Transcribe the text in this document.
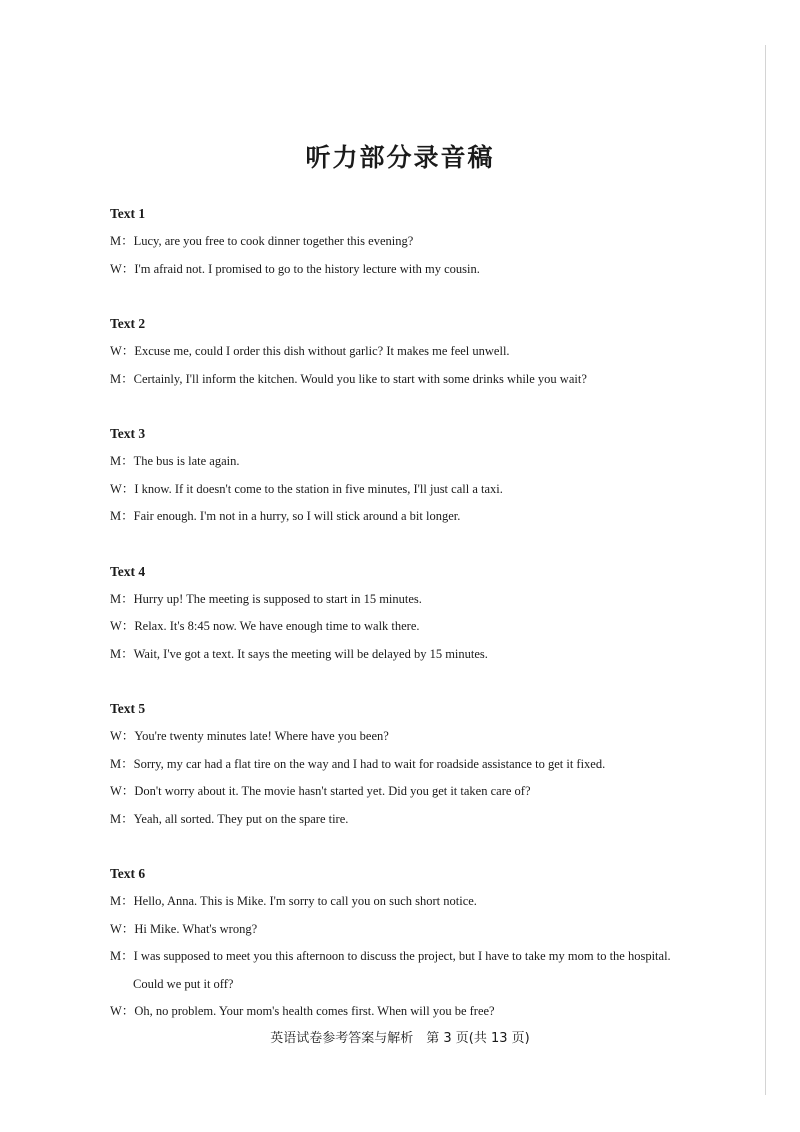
听力部分录音稿
Text 1
M：Lucy, are you free to cook dinner together this evening?
W：I'm afraid not. I promised to go to the history lecture with my cousin.
Text 2
W：Excuse me, could I order this dish without garlic? It makes me feel unwell.
M：Certainly, I'll inform the kitchen. Would you like to start with some drinks while you wait?
Text 3
M：The bus is late again.
W：I know. If it doesn't come to the station in five minutes, I'll just call a taxi.
M：Fair enough. I'm not in a hurry, so I will stick around a bit longer.
Text 4
M：Hurry up! The meeting is supposed to start in 15 minutes.
W：Relax. It's 8:45 now. We have enough time to walk there.
M：Wait, I've got a text. It says the meeting will be delayed by 15 minutes.
Text 5
W：You're twenty minutes late! Where have you been?
M：Sorry, my car had a flat tire on the way and I had to wait for roadside assistance to get it fixed.
W：Don't worry about it. The movie hasn't started yet. Did you get it taken care of?
M：Yeah, all sorted. They put on the spare tire.
Text 6
M：Hello, Anna. This is Mike. I'm sorry to call you on such short notice.
W：Hi Mike. What's wrong?
M：I was supposed to meet you this afternoon to discuss the project, but I have to take my mom to the hospital.
Could we put it off?
W：Oh, no problem. Your mom's health comes first. When will you be free?
英语试卷参考答案与解析　第 3 页(共 13 页)
